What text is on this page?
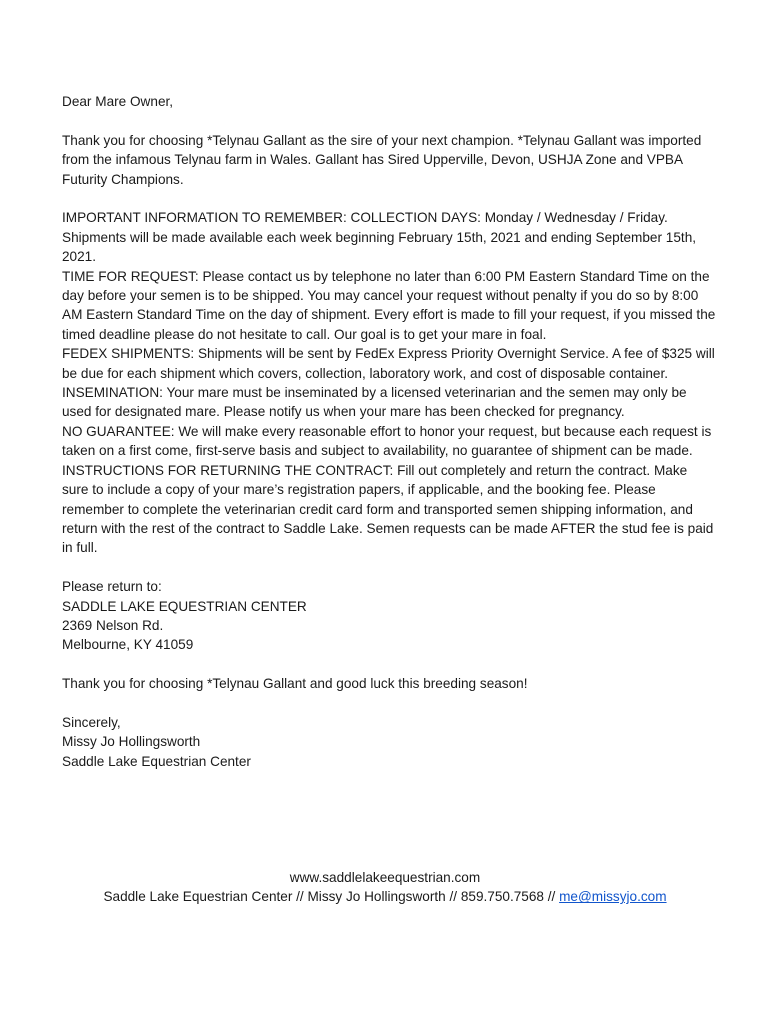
Dear Mare Owner,

Thank you for choosing *Telynau Gallant as the sire of your next champion. *Telynau Gallant was imported from the infamous Telynau farm in Wales. Gallant has Sired Upperville, Devon, USHJA Zone and VPBA Futurity Champions.

IMPORTANT INFORMATION TO REMEMBER: COLLECTION DAYS: Monday / Wednesday / Friday. Shipments will be made available each week beginning February 15th, 2021 and ending September 15th, 2021.

TIME FOR REQUEST: Please contact us by telephone no later than 6:00 PM Eastern Standard Time on the day before your semen is to be shipped. You may cancel your request without penalty if you do so by 8:00 AM Eastern Standard Time on the day of shipment. Every effort is made to fill your request, if you missed the timed deadline please do not hesitate to call. Our goal is to get your mare in foal.

FEDEX SHIPMENTS: Shipments will be sent by FedEx Express Priority Overnight Service. A fee of $325 will be due for each shipment which covers, collection, laboratory work, and cost of disposable container.

INSEMINATION: Your mare must be inseminated by a licensed veterinarian and the semen may only be used for designated mare. Please notify us when your mare has been checked for pregnancy.

NO GUARANTEE: We will make every reasonable effort to honor your request, but because each request is taken on a first come, first-serve basis and subject to availability, no guarantee of shipment can be made.

INSTRUCTIONS FOR RETURNING THE CONTRACT: Fill out completely and return the contract. Make sure to include a copy of your mare’s registration papers, if applicable, and the booking fee. Please remember to complete the veterinarian credit card form and transported semen shipping information, and return with the rest of the contract to Saddle Lake. Semen requests can be made AFTER the stud fee is paid in full.

Please return to:

SADDLE LAKE EQUESTRIAN CENTER

2369 Nelson Rd.

Melbourne, KY 41059

Thank you for choosing *Telynau Gallant and good luck this breeding season!

Sincerely,

Missy Jo Hollingsworth

Saddle Lake Equestrian Center

www.saddlelakeequestrian.com

Saddle Lake Equestrian Center // Missy Jo Hollingsworth // 859.750.7568 // me@missyjo.com
